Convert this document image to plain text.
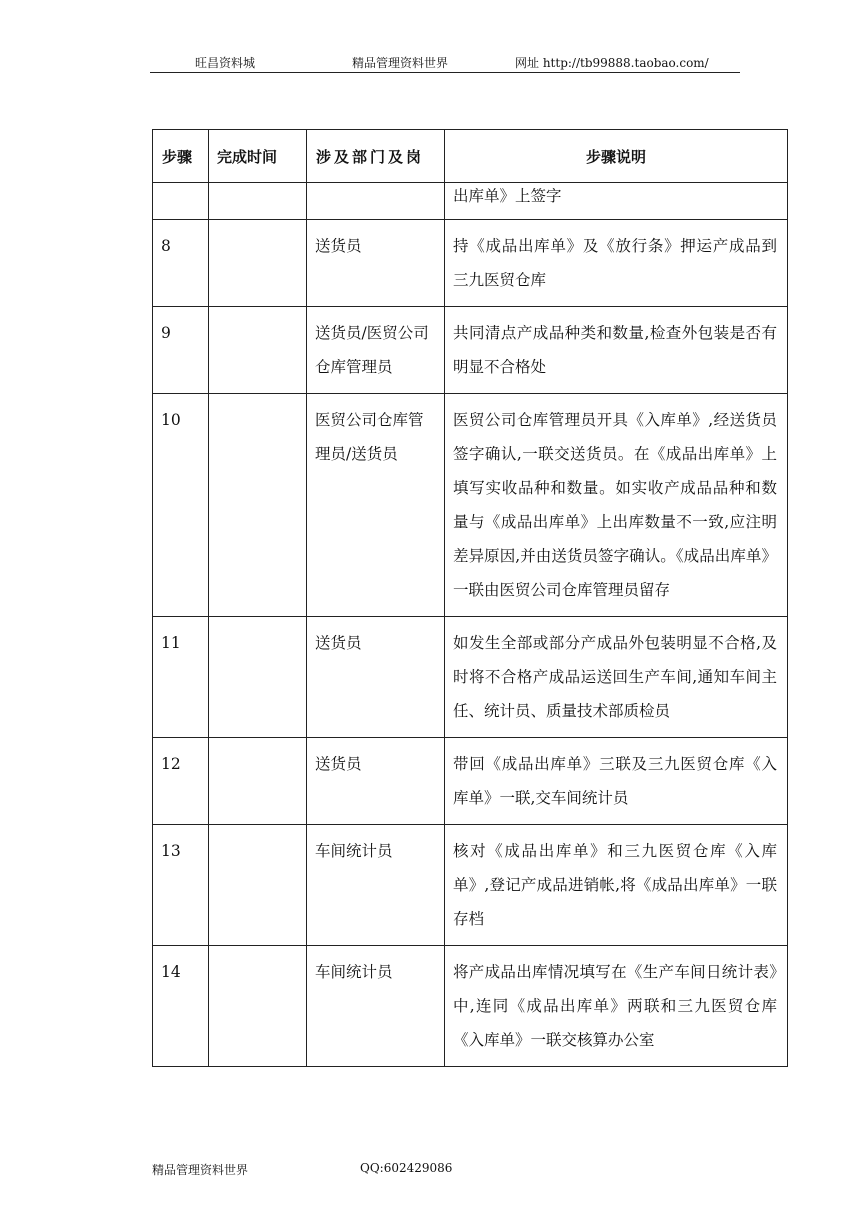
旺昌资料城	精品管理资料世界	网址 http://tb99888.taobao.com/
步骤	完成时间	涉及部门及岗	步骤说明

			出库单》上签字

8		送货员	持《成品出库单》及《放行条》押运产成品到三九医贸仓库

9		送货员/医贸公司仓库管理员	共同清点产成品种类和数量,检查外包装是否有明显不合格处

10		医贸公司仓库管理员/送货员	医贸公司仓库管理员开具《入库单》,经送货员签字确认,一联交送货员。在《成品出库单》上填写实收品种和数量。如实收产成品品种和数量与《成品出库单》上出库数量不一致,应注明差异原因,并由送货员签字确认。《成品出库单》一联由医贸公司仓库管理员留存

11		送货员	如发生全部或部分产成品外包装明显不合格,及时将不合格产成品运送回生产车间,通知车间主任、统计员、质量技术部质检员

12		送货员	带回《成品出库单》三联及三九医贸仓库《入库单》一联,交车间统计员

13		车间统计员	核对《成品出库单》和三九医贸仓库《入库单》,登记产成品进销帐,将《成品出库单》一联存档

14		车间统计员	将产成品出库情况填写在《生产车间日统计表》中,连同《成品出库单》两联和三九医贸仓库《入库单》一联交核算办公室
精品管理资料世界	QQ:602429086
